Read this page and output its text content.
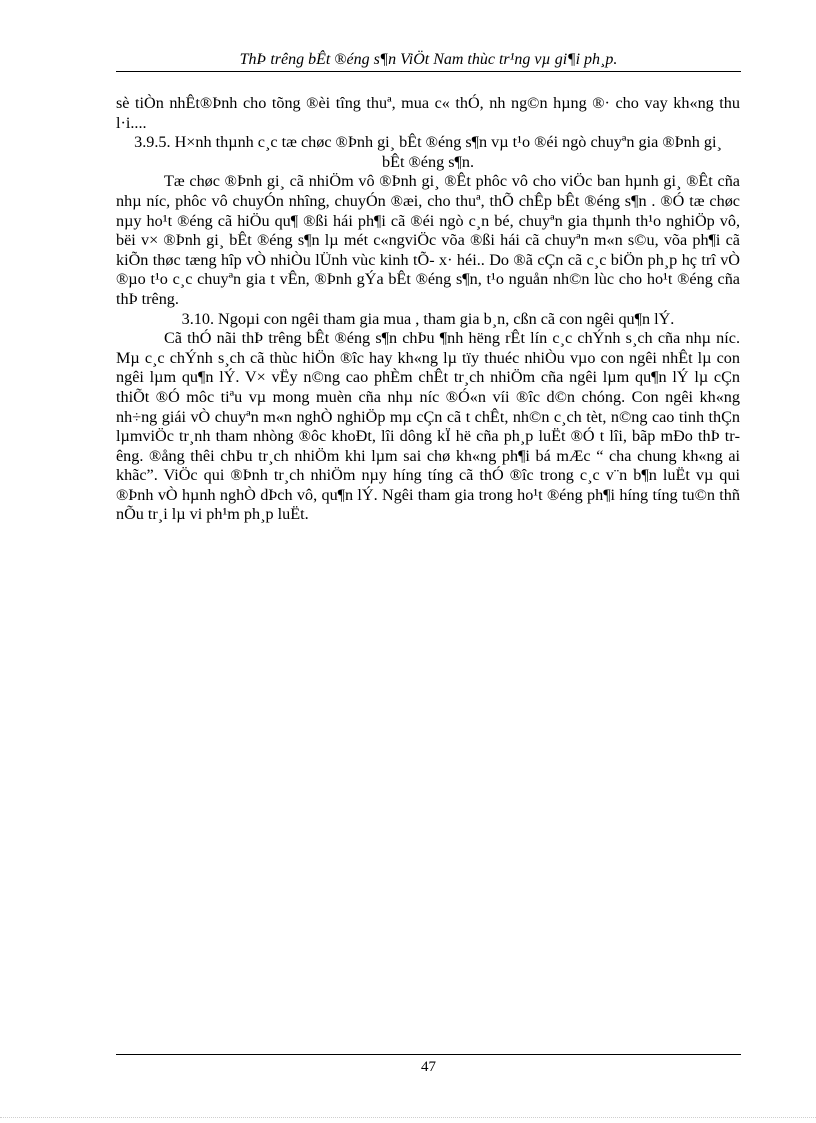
ThÞ trêng bÊt ®éng s¶n ViÖt Nam thùc tr¹ng vµ gi¶i ph¸p.

sè tiÒn nhÊt®Þnh cho tõng ®èi tîng thuª, mua c« thÓ, nh ng©n hµng ®· cho vay kh«ng thu l·i....

3.9.5. H×nh thµnh c¸c tæ chøc ®Þnh gi¸ bÊt ®éng s¶n vµ t¹o ®éi ngò chuyªn gia ®Þnh gi¸ bÊt ®éng s¶n.

Tæ chøc ®Þnh gi¸ cã nhiÖm vô ®Þnh gi¸ ®Êt phôc vô cho viÖc ban hµnh gi¸ ®Êt cña nhµ níc, phôc vô chuyÓn nhîng, chuyÓn ®æi, cho thuª, thÕ chÊp bÊt ®éng s¶n . ®Ó tæ chøc nµy ho¹t ®éng cã hiÖu qu¶ ®ßi hái ph¶i cã ®éi ngò c¸n bé, chuyªn gia thµnh th¹o nghiÖp vô, bëi v× ®Þnh gi¸ bÊt ®éng s¶n lµ mét c«ngviÖc võa ®ßi hái cã chuyªn m«n s©u, võa ph¶i cã kiÕn thøc tæng hîp vÒ nhiÒu lÜnh vùc kinh tÕ- x· héi.. Do ®ã cÇn cã c¸c biÖn ph¸p hç trî vÒ ®µo t¹o c¸c chuyªn gia t vÊn, ®Þnh gÝa bÊt ®éng s¶n, t¹o nguån nh©n lùc cho ho¹t ®éng cña thÞ trêng.

3.10. Ngoµi con ngêi tham gia mua , tham gia b¸n, cßn cã con ngêi qu¶n lÝ.

Cã thÓ nãi thÞ trêng bÊt ®éng s¶n chÞu ¶nh hëng rÊt lín c¸c chÝnh s¸ch cña nhµ níc. Mµ c¸c chÝnh s¸ch cã thùc hiÖn ®îc hay kh«ng lµ tïy thuéc nhiÒu vµo con ngêi nhÊt lµ con ngêi lµm qu¶n lÝ. V× vËy n©ng cao phÈm chÊt tr¸ch nhiÖm cña ngêi lµm qu¶n lÝ lµ cÇn thiÕt ®Ó môc tiªu vµ mong muèn cña nhµ níc ®Ó«n víi ®îc d©n chóng. Con ngêi kh«ng nh÷ng giái vÒ chuyªn m«n nghÒ nghiÖp mµ cÇn cã t chÊt, nh©n c¸ch tèt, n©ng cao tinh thÇn lµmviÖc tr¸nh tham nhòng ®ôc khoÐt, lîi dông kÏ hë cña ph¸p luËt ®Ó t lîi, bãp mÐo thÞ trêng. ®ång thêi chÞu tr¸ch nhiÖm khi lµm sai chø kh«ng ph¶i bá mÆc “ cha chung kh«ng ai khãc”. ViÖc qui ®Þnh tr¸ch nhiÖm nµy híng tíng cã thÓ ®îc trong c¸c v¨n b¶n luËt vµ qui ®Þnh vÒ hµnh nghÒ dÞch vô, qu¶n lÝ. Ngêi tham gia trong ho¹t ®éng ph¶i híng tíng tu©n thñ nÕu tr¸i lµ vi ph¹m ph¸p luËt.

47
